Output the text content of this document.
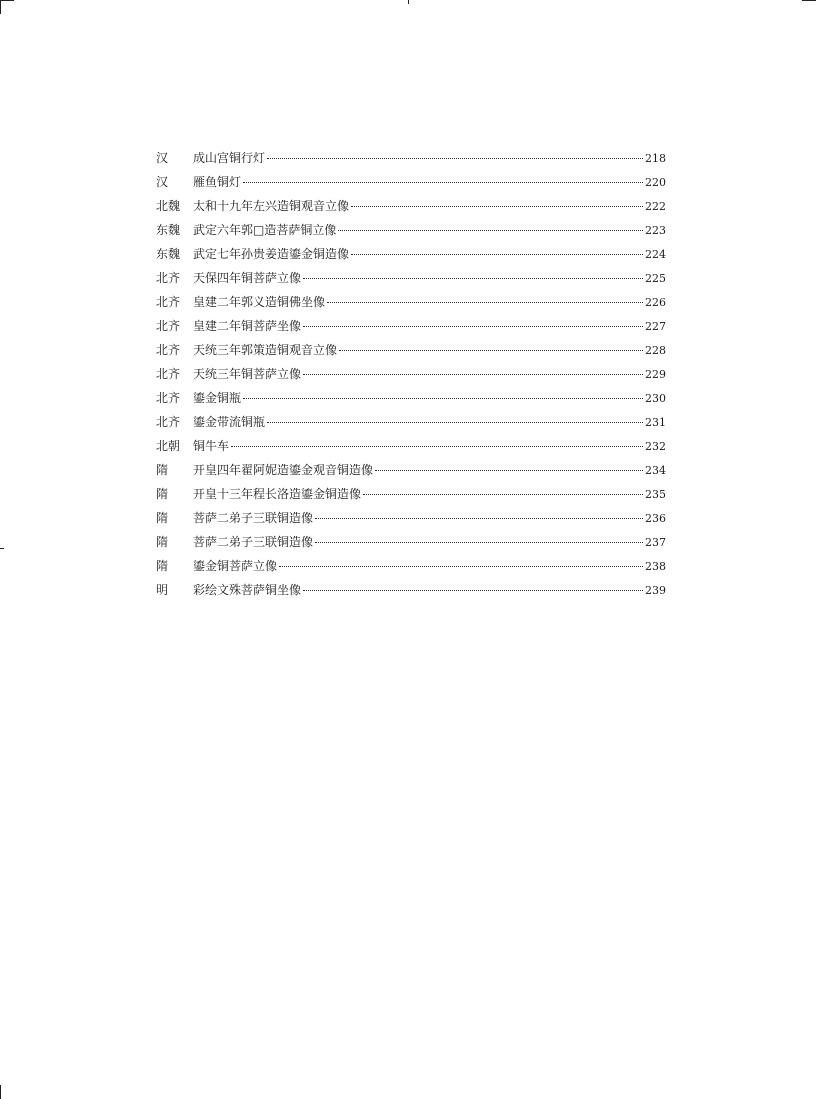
汉	成山宫铜行灯	218
汉	雁鱼铜灯	220
北魏 太和十九年左兴造铜观音立像	222
东魏 武定六年郭□造菩萨铜立像	223
东魏 武定七年孙贵姜造鎏金铜造像	224
北齐 天保四年铜菩萨立像	225
北齐 皇建二年郭义造铜佛坐像	226
北齐 皇建二年铜菩萨坐像	227
北齐 天统三年郭策造铜观音立像	228
北齐 天统三年铜菩萨立像	229
北齐 鎏金铜瓶	230
北齐 鎏金带流铜瓶	231
北朝 铜牛车	232
隋	开皇四年翟阿妮造鎏金观音铜造像	234
隋	开皇十三年程长洛造鎏金铜造像	235
隋	菩萨二弟子三联铜造像	236
隋	菩萨二弟子三联铜造像	237
隋	鎏金铜菩萨立像	238
明	彩绘文殊菩萨铜坐像	239
